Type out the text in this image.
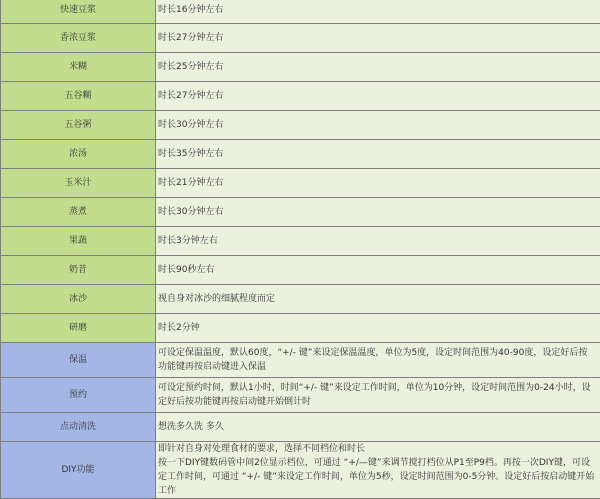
快速豆浆	时长16分钟左右
香浓豆浆	时长27分钟左右
米糊	时长25分钟左右
五谷糊	时长27分钟左右
五谷粥	时长30分钟左右
浓汤	时长35分钟左右
玉米汁	时长21分钟左右
蒸煮	时长30分钟左右
果蔬	时长3分钟左右
奶昔	时长90秒左右
冰沙	视自身对冰沙的细腻程度而定
研磨	时长2分钟
保温	可设定保温温度，默认60度，“+/- 键”来设定保温温度，单位为5度，设定时间范围为40-90度，设定好后按功能键再按启动键进入保温
预约	可设定预约时间，默认1小时，时间“+/- 键”来设定工作时间，单位为10分钟，设定时间范围为0-24小时，设定好后按功能键再按启动键开始倒计时
点动清洗	想洗多久洗 多久
DIY功能	即针对自身对处理食材的要求，选择不同档位和时长
按一下DIY键数码管中间2位显示档位，可通过 “+/—键”来调节搅打档位从P1至P9档。再按一次DIY键，可设定工作时间，可通过 “+/- 键”来设定工作时间，单位为5秒，设定时间范围为0-5分钟。设定好后按启动键开始工作
